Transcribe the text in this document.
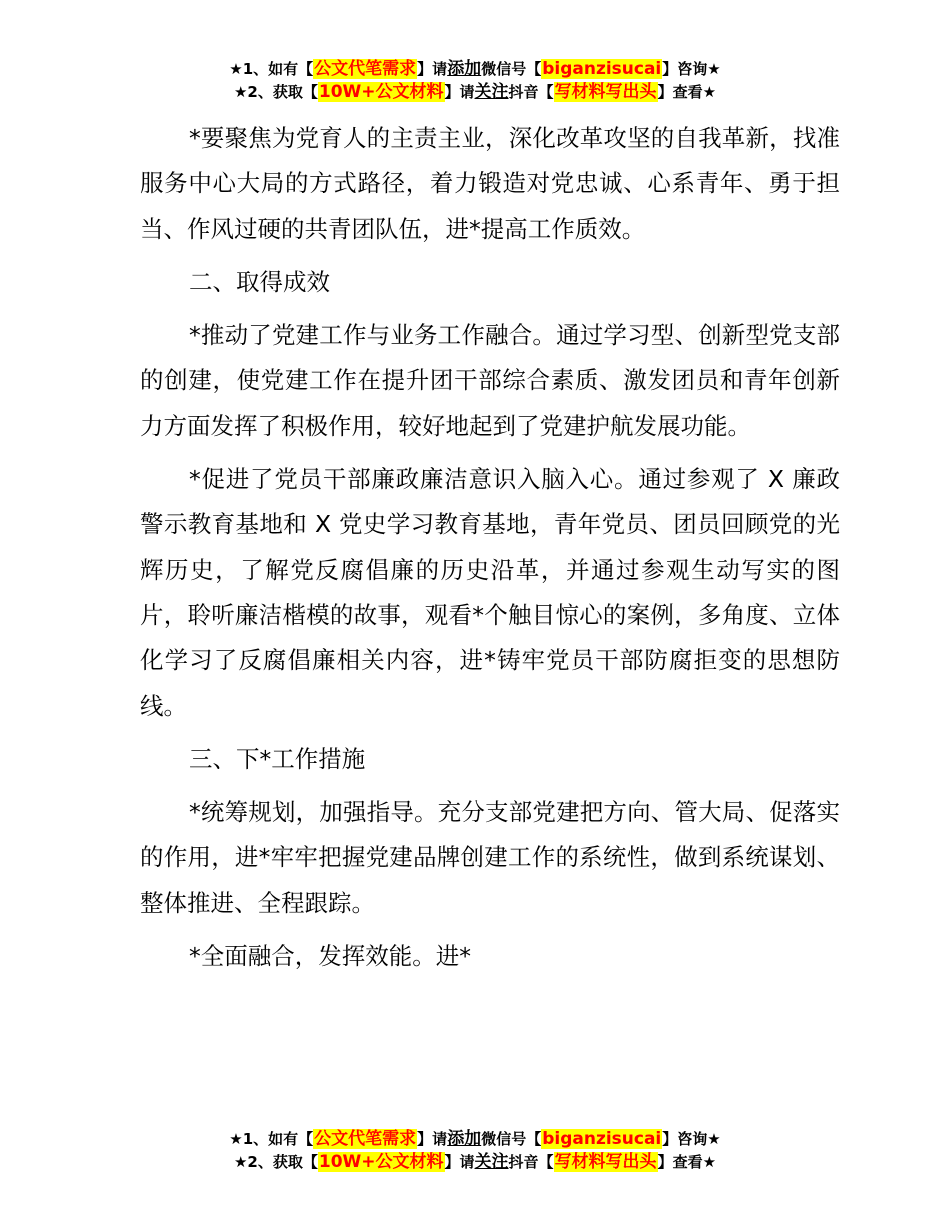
★1、如有【公文代笔需求】请添加微信号【biganzisucai】咨询★
★2、获取【10W+公文材料】请关注抖音【写材料写出头】查看★

*要聚焦为党育人的主责主业，深化改革攻坚的自我革新，找准服务中心大局的方式路径，着力锻造对党忠诚、心系青年、勇于担当、作风过硬的共青团队伍，进*提高工作质效。

二、取得成效

*推动了党建工作与业务工作融合。通过学习型、创新型党支部的创建，使党建工作在提升团干部综合素质、激发团员和青年创新力方面发挥了积极作用，较好地起到了党建护航发展功能。

*促进了党员干部廉政廉洁意识入脑入心。通过参观了 X 廉政警示教育基地和 X 党史学习教育基地，青年党员、团员回顾党的光辉历史，了解党反腐倡廉的历史沿革，并通过参观生动写实的图片，聆听廉洁楷模的故事，观看*个触目惊心的案例，多角度、立体化学习了反腐倡廉相关内容，进*铸牢党员干部防腐拒变的思想防线。

三、下*工作措施

*统筹规划，加强指导。充分支部党建把方向、管大局、促落实的作用，进*牢牢把握党建品牌创建工作的系统性，做到系统谋划、整体推进、全程跟踪。

*全面融合，发挥效能。进*

★1、如有【公文代笔需求】请添加微信号【biganzisucai】咨询★
★2、获取【10W+公文材料】请关注抖音【写材料写出头】查看★
